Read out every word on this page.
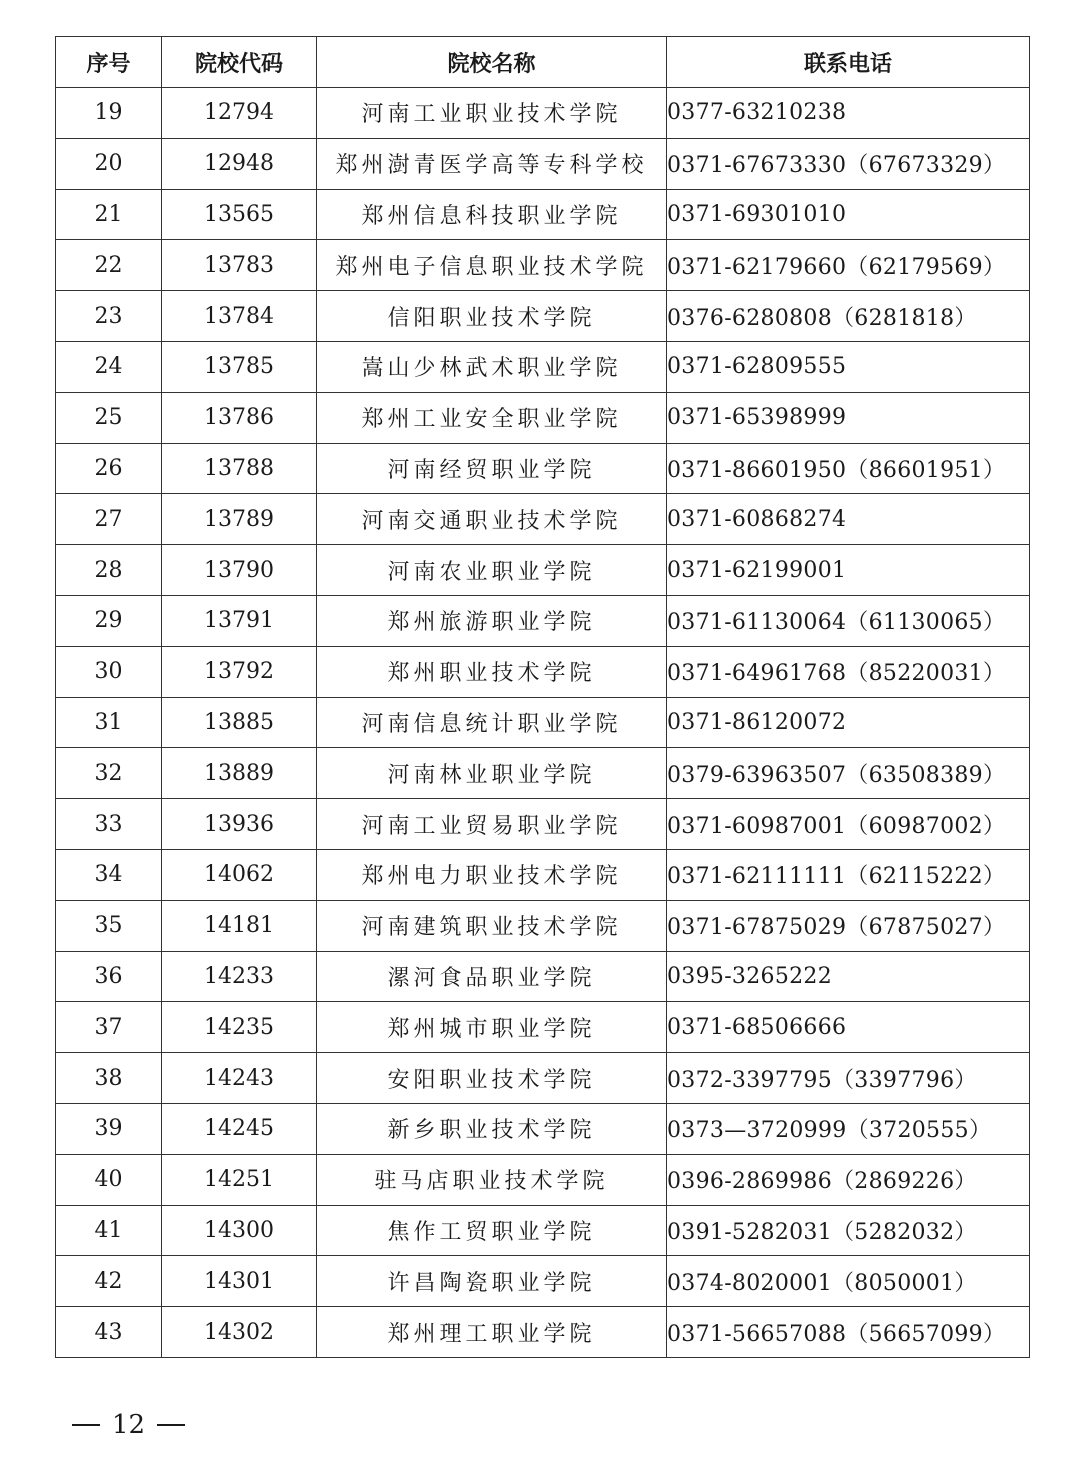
序号	院校代码	院校名称	联系电话
19	12794	河南工业职业技术学院	0377-63210238
20	12948	郑州澍青医学高等专科学校	0371-67673330（67673329）
21	13565	郑州信息科技职业学院	0371-69301010
22	13783	郑州电子信息职业技术学院	0371-62179660（62179569）
23	13784	信阳职业技术学院	0376-6280808（6281818）
24	13785	嵩山少林武术职业学院	0371-62809555
25	13786	郑州工业安全职业学院	0371-65398999
26	13788	河南经贸职业学院	0371-86601950（86601951）
27	13789	河南交通职业技术学院	0371-60868274
28	13790	河南农业职业学院	0371-62199001
29	13791	郑州旅游职业学院	0371-61130064（61130065）
30	13792	郑州职业技术学院	0371-64961768（85220031）
31	13885	河南信息统计职业学院	0371-86120072
32	13889	河南林业职业学院	0379-63963507（63508389）
33	13936	河南工业贸易职业学院	0371-60987001（60987002）
34	14062	郑州电力职业技术学院	0371-62111111（62115222）
35	14181	河南建筑职业技术学院	0371-67875029（67875027）
36	14233	漯河食品职业学院	0395-3265222
37	14235	郑州城市职业学院	0371-68506666
38	14243	安阳职业技术学院	0372-3397795（3397796）
39	14245	新乡职业技术学院	0373—3720999（3720555）
40	14251	驻马店职业技术学院	0396-2869986（2869226）
41	14300	焦作工贸职业学院	0391-5282031（5282032）
42	14301	许昌陶瓷职业学院	0374-8020001（8050001）
43	14302	郑州理工职业学院	0371-56657088（56657099）
12
